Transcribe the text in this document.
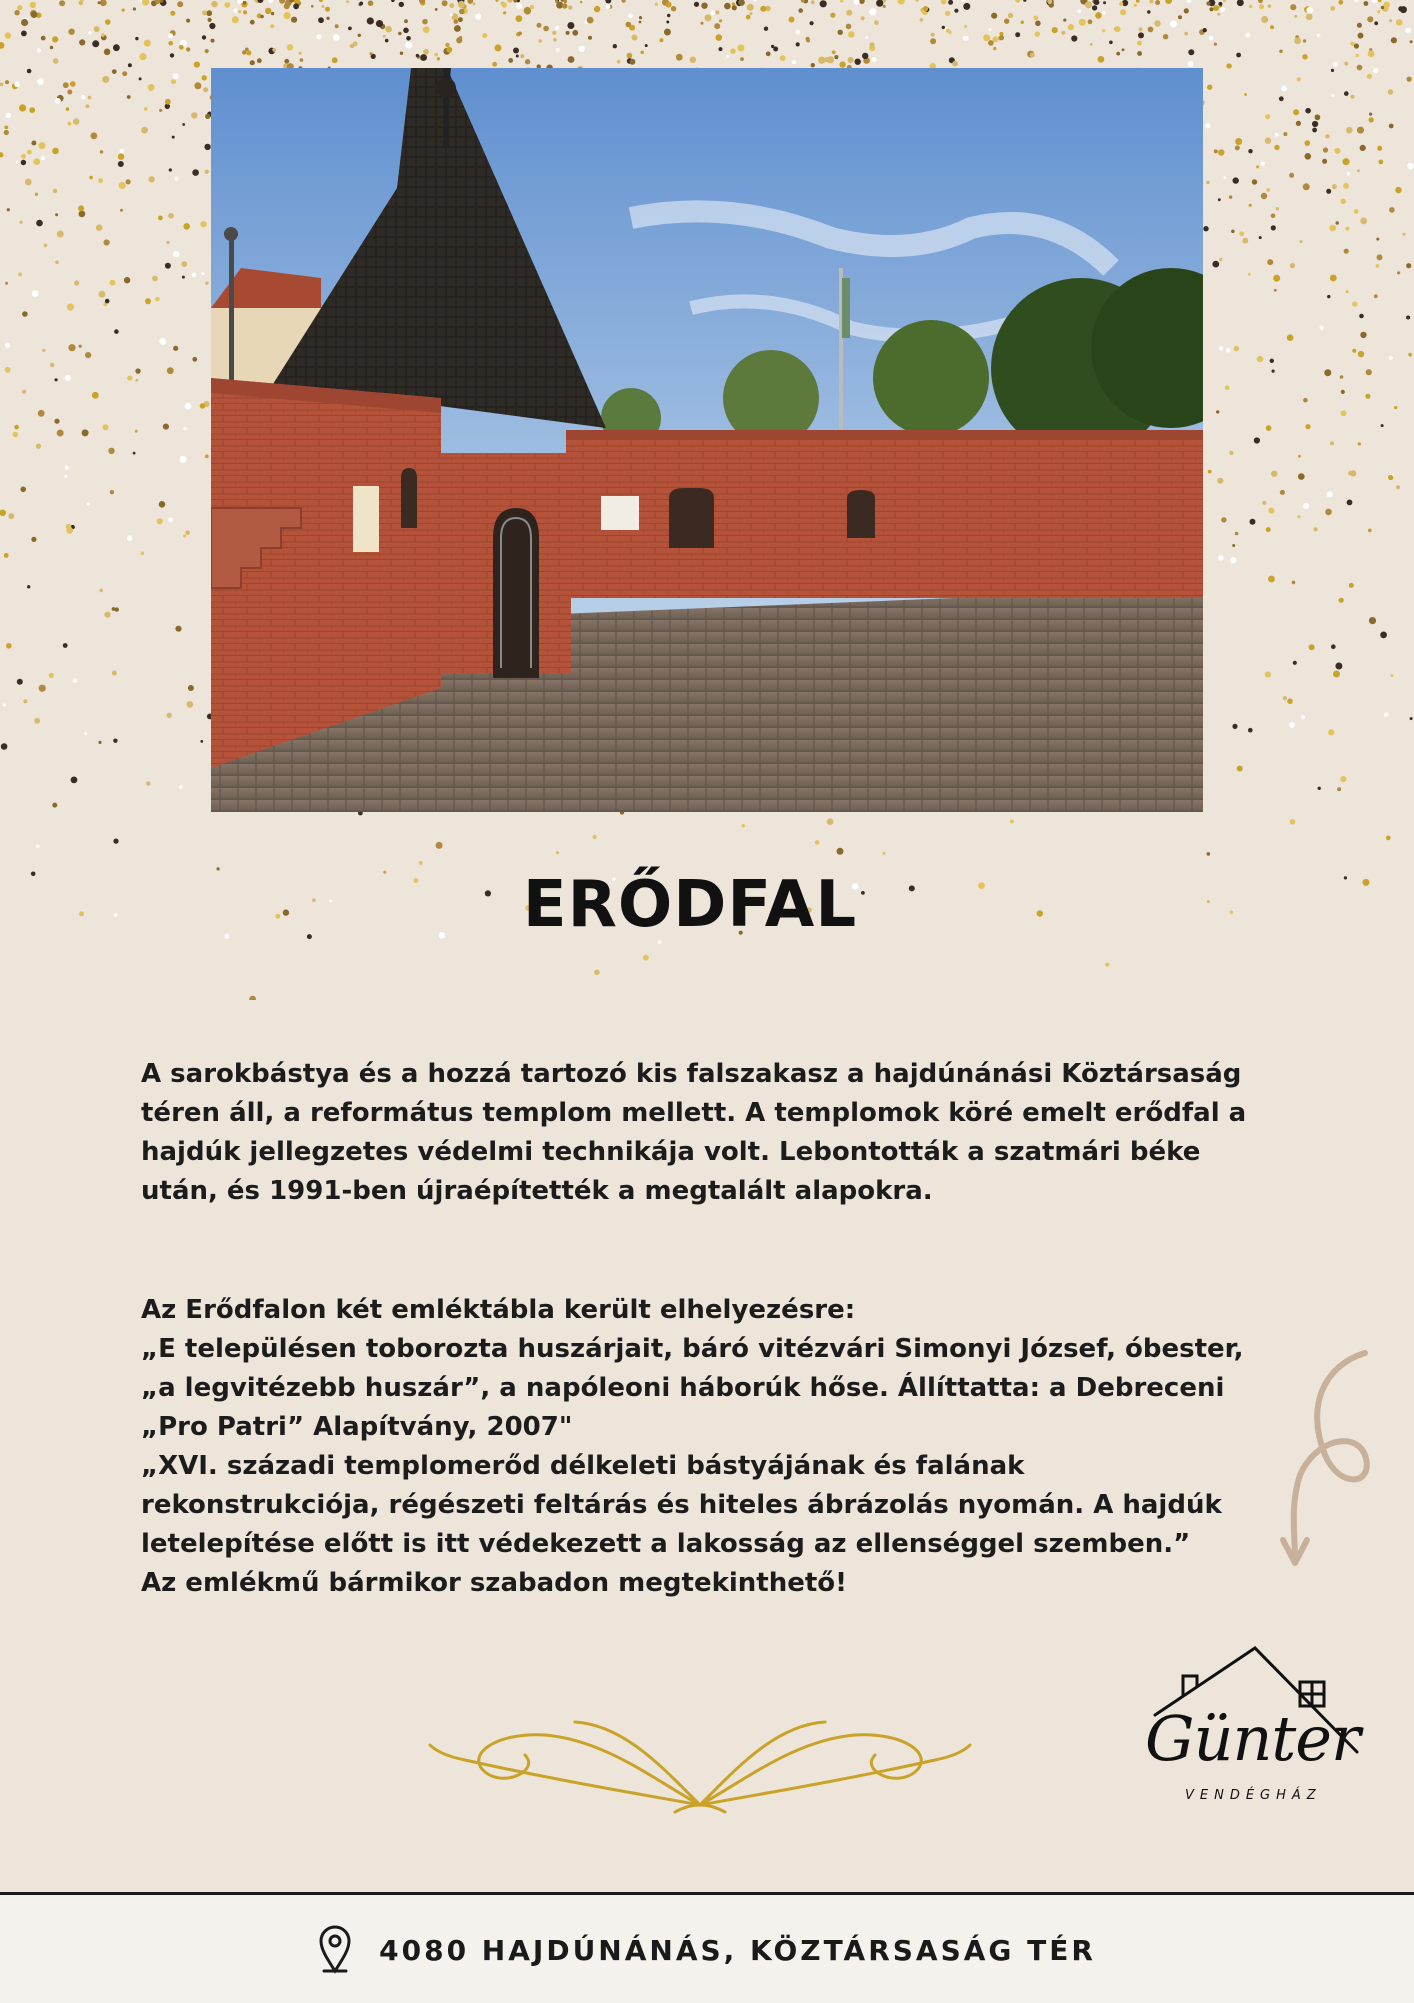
ERŐDFAL
A sarokbástya és a hozzá tartozó kis falszakasz a hajdúnánási Köztársaság
téren áll, a református templom mellett. A templomok köré emelt erődfal a
hajdúk jellegzetes védelmi technikája volt. Lebontották a szatmári béke
után, és 1991-ben újraépítették a megtalált alapokra.
Az Erődfalon két emléktábla került elhelyezésre:
„E településen toborozta huszárjait, báró vitézvári Simonyi József, óbester,
„a legvitézebb huszár”, a napóleoni háborúk hőse. Állíttatta: a Debreceni
„Pro Patri” Alapítvány, 2007"
„XVI. századi templomerőd délkeleti bástyájának és falának
rekonstrukciója, régészeti feltárás és hiteles ábrázolás nyomán. A hajdúk
letelepítése előtt is itt védekezett a lakosság az ellenséggel szemben.”
Az emlékmű bármikor szabadon megtekinthető!
Günter
VENDÉGHÁZ
4080 HAJDÚNÁNÁS, KÖZTÁRSASÁG TÉR
